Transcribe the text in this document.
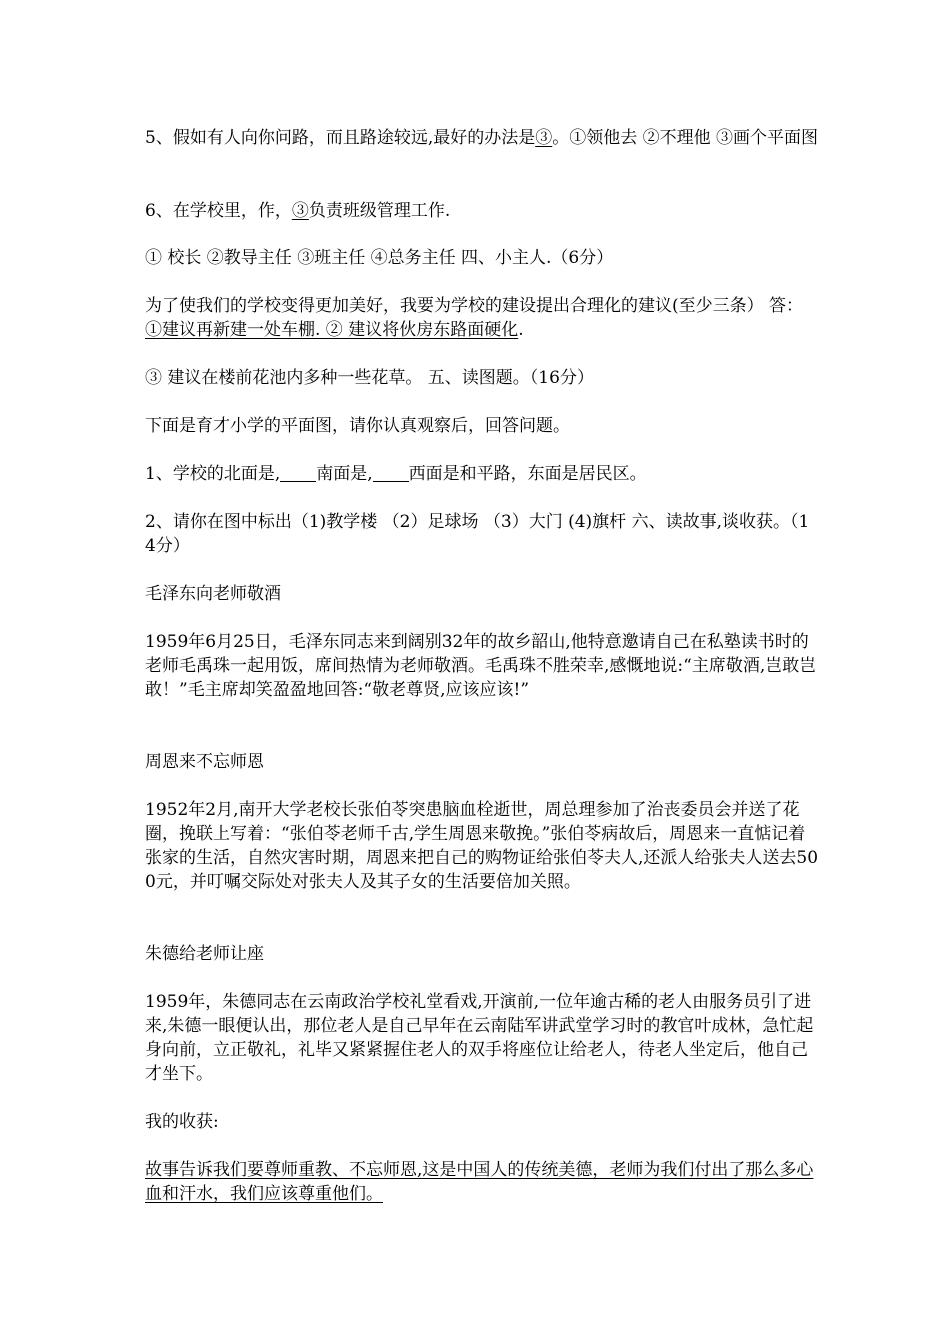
5、假如有人向你问路，而且路途较远,最好的办法是③。①领他去 ②不理他 ③画个平面图
6、在学校里，作，③负责班级管理工作.
① 校长 ②教导主任 ③班主任 ④总务主任 四、小主人.（6分）
为了使我们的学校变得更加美好，我要为学校的建设提出合理化的建议(至少三条） 答：①建议再新建一处车棚. ② 建议将伙房东路面硬化.
③ 建议在楼前花池内多种一些花草。 五、读图题。（16分）
下面是育才小学的平面图，请你认真观察后，回答问题。
1、学校的北面是, 南面是, 西面是和平路，东面是居民区。
2、请你在图中标出（1)教学楼 （2）足球场 （3）大门 (4)旗杆 六、读故事,谈收获。（14分）
毛泽东向老师敬酒
1959年6月25日，毛泽东同志来到阔别32年的故乡韶山,他特意邀请自己在私塾读书时的老师毛禹珠一起用饭，席间热情为老师敬酒。毛禹珠不胜荣幸,感慨地说:“主席敬酒,岂敢岂敢！”毛主席却笑盈盈地回答:“敬老尊贤,应该应该!”
周恩来不忘师恩
1952年2月,南开大学老校长张伯苓突患脑血栓逝世，周总理参加了治丧委员会并送了花圈，挽联上写着：“张伯苓老师千古,学生周恩来敬挽。”张伯苓病故后，周恩来一直惦记着张家的生活，自然灾害时期，周恩来把自己的购物证给张伯苓夫人,还派人给张夫人送去500元，并叮嘱交际处对张夫人及其子女的生活要倍加关照。
朱德给老师让座
1959年，朱德同志在云南政治学校礼堂看戏,开演前,一位年逾古稀的老人由服务员引了进来,朱德一眼便认出，那位老人是自己早年在云南陆军讲武堂学习时的教官叶成林，急忙起身向前，立正敬礼，礼毕又紧紧握住老人的双手将座位让给老人，待老人坐定后，他自己才坐下。
我的收获:
故事告诉我们要尊师重教、不忘师恩,这是中国人的传统美德，老师为我们付出了那么多心血和汗水，我们应该尊重他们。
